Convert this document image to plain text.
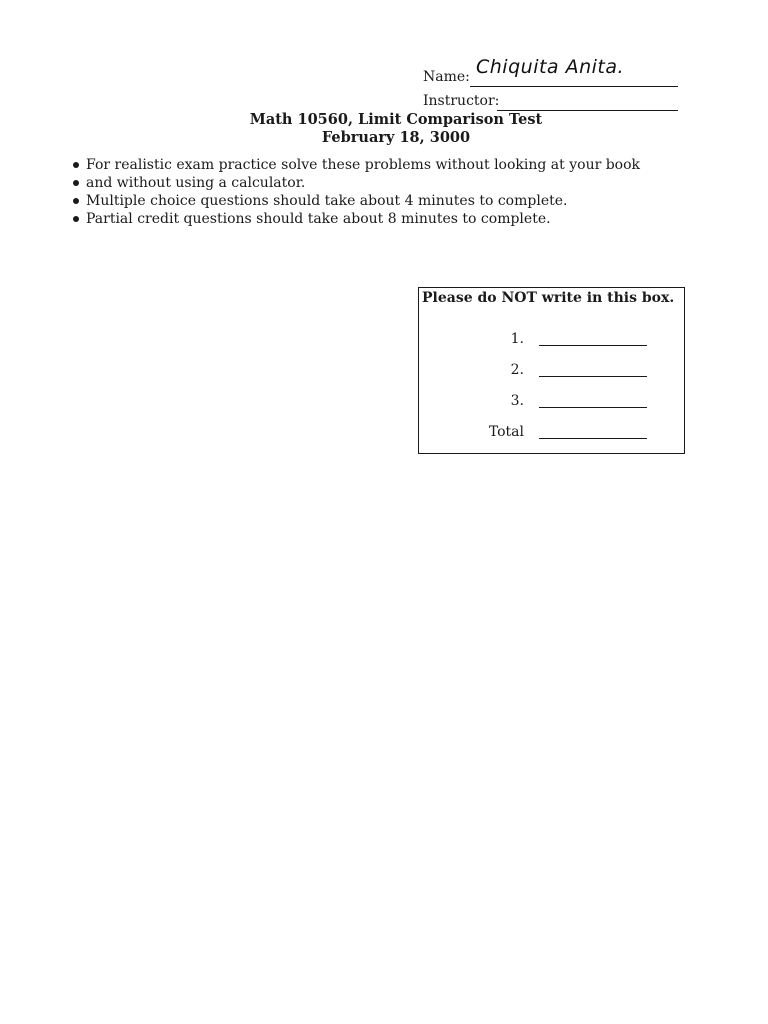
Name: Chiquita Anita.
Instructor:
Math 10560, Limit Comparison Test
February 18, 3000
For realistic exam practice solve these problems without looking at your book
and without using a calculator.
Multiple choice questions should take about 4 minutes to complete.
Partial credit questions should take about 8 minutes to complete.
Please do NOT write in this box.
1.
2.
3.
Total
